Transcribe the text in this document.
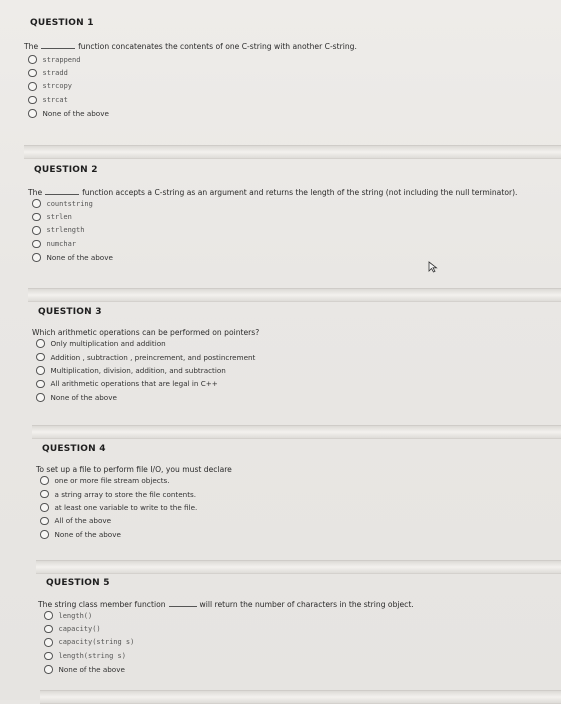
QUESTION 1
The	function concatenates the contents of one C-string with another C-string.
strappend
stradd
strcopy
strcat
None of the above
QUESTION 2
The	function accepts a C-string as an argument and returns the length of the string (not including the null terminator).
countstring
strlen
strlength
numchar
None of the above
QUESTION 3
Which arithmetic operations can be performed on pointers?
Only multiplication and addition
Addition , subtraction , preincrement, and postincrement
Multiplication, division, addition, and subtraction
All arithmetic operations that are legal in C++
None of the above
QUESTION 4
To set up a file to perform file I/O, you must declare
one or more file stream objects.
a string array to store the file contents.
at least one variable to write to the file.
All of the above
None of the above
QUESTION 5
The string class member function	will return the number of characters in the string object.
length()
capacity()
capacity(string s)
length(string s)
None of the above
